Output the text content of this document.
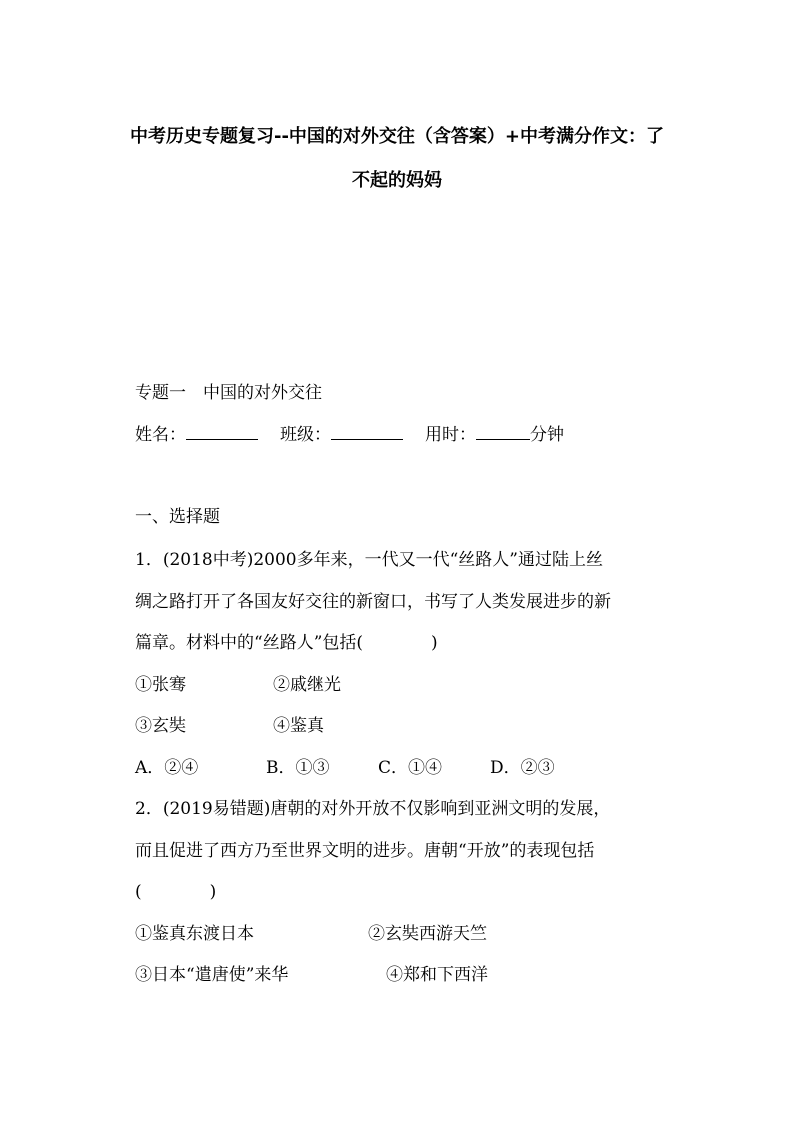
中考历史专题复习--中国的对外交往（含答案）+中考满分作文：了
不起的妈妈
专题一　中国的对外交往
姓名：	班级：	用时：	分钟
一、选择题
1．(2018中考)2000多年来，一代又一代“丝路人”通过陆上丝
绸之路打开了各国友好交往的新窗口，书写了人类发展进步的新
篇章。材料中的“丝路人”包括(　　　　)
①张骞	②戚继光
③玄奘	④鉴真
A．②④	B．①③	C．①④	D．②③
2．(2019易错题)唐朝的对外开放不仅影响到亚洲文明的发展，
而且促进了西方乃至世界文明的进步。唐朝“开放”的表现包括
(　　　　)
①鉴真东渡日本	②玄奘西游天竺
③日本“遣唐使”来华	④郑和下西洋
